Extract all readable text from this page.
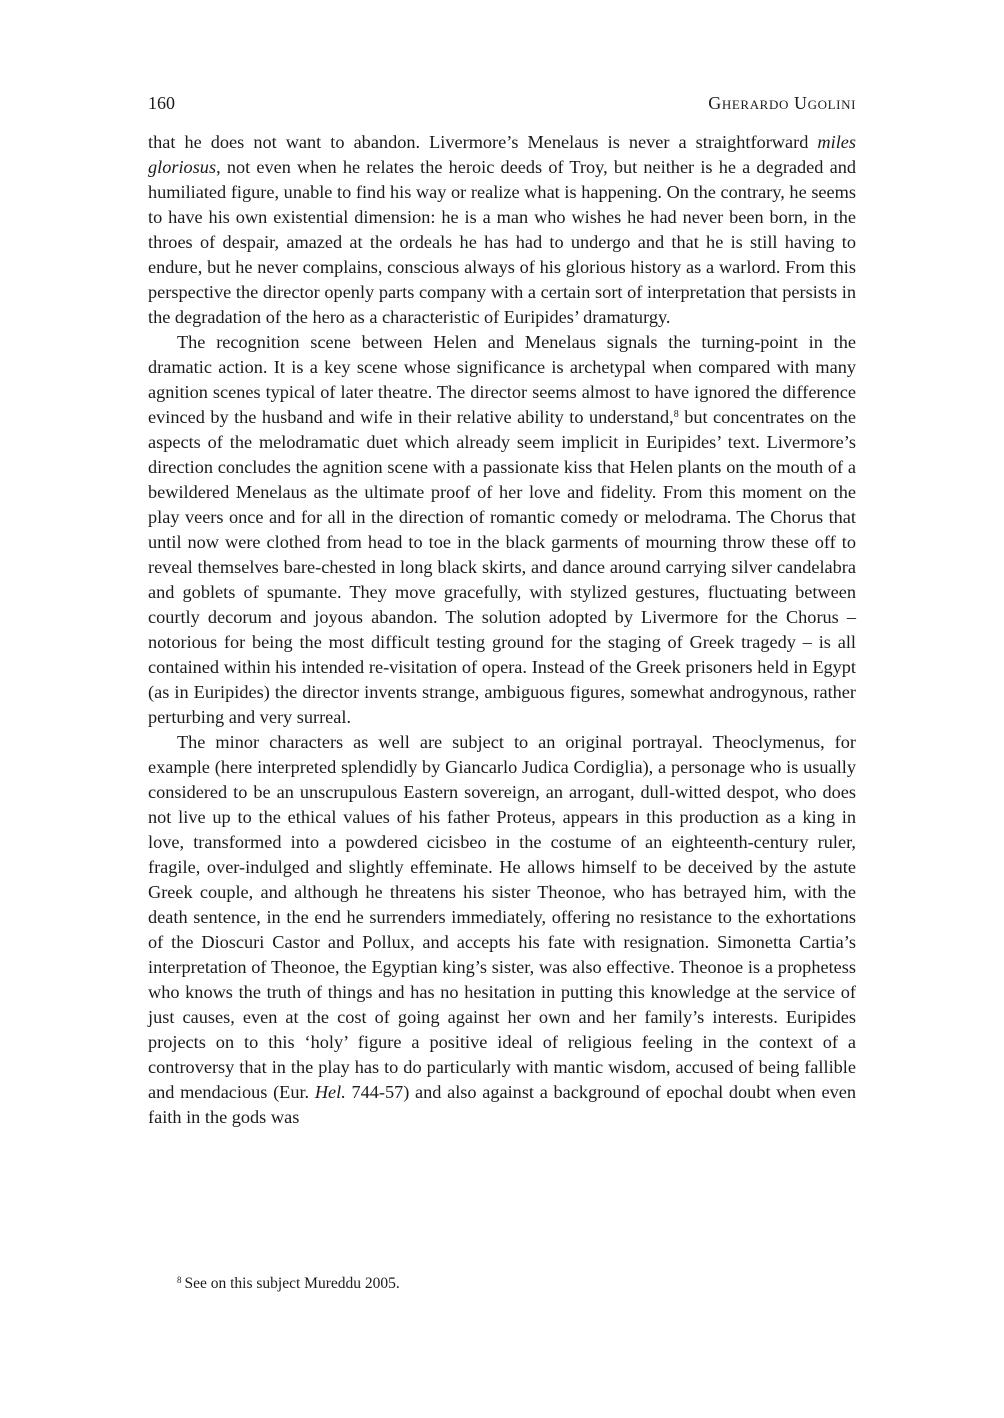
160	Gherardo Ugolini

that he does not want to abandon. Livermore’s Menelaus is never a straightforward miles gloriosus, not even when he relates the heroic deeds of Troy, but neither is he a degraded and humiliated figure, unable to find his way or realize what is happening. On the contrary, he seems to have his own existential dimension: he is a man who wishes he had never been born, in the throes of despair, amazed at the ordeals he has had to undergo and that he is still having to endure, but he never complains, conscious always of his glorious history as a warlord. From this perspective the director openly parts company with a certain sort of interpretation that persists in the degradation of the hero as a characteristic of Euripides’ dramaturgy.

The recognition scene between Helen and Menelaus signals the turning-point in the dramatic action. It is a key scene whose significance is archetypal when compared with many agnition scenes typical of later theatre. The director seems almost to have ignored the difference evinced by the husband and wife in their relative ability to understand,$^8$ but concentrates on the aspects of the melodramatic duet which already seem implicit in Euripides’ text. Livermore’s direction concludes the agnition scene with a passionate kiss that Helen plants on the mouth of a bewildered Menelaus as the ultimate proof of her love and fidelity. From this moment on the play veers once and for all in the direction of romantic comedy or melodrama. The Chorus that until now were clothed from head to toe in the black garments of mourning throw these off to reveal themselves bare-chested in long black skirts, and dance around carrying silver candelabra and goblets of spumante. They move gracefully, with stylized gestures, fluctuating between courtly decorum and joyous abandon. The solution adopted by Livermore for the Chorus – notorious for being the most difficult testing ground for the staging of Greek tragedy – is all contained within his intended re-visitation of opera. Instead of the Greek prisoners held in Egypt (as in Euripides) the director invents strange, ambiguous figures, somewhat androgynous, rather perturbing and very surreal.

The minor characters as well are subject to an original portrayal. Theoclymenus, for example (here interpreted splendidly by Giancarlo Judica Cordiglia), a personage who is usually considered to be an unscrupulous Eastern sovereign, an arrogant, dull-witted despot, who does not live up to the ethical values of his father Proteus, appears in this production as a king in love, transformed into a powdered cicisbeo in the costume of an eighteenth-century ruler, fragile, over-indulged and slightly effeminate. He allows himself to be deceived by the astute Greek couple, and although he threatens his sister Theonoe, who has betrayed him, with the death sentence, in the end he surrenders immediately, offering no resistance to the exhortations of the Dioscuri Castor and Pollux, and accepts his fate with resignation. Simonetta Cartia’s interpretation of Theonoe, the Egyptian king’s sister, was also effective. Theonoe is a prophetess who knows the truth of things and has no hesitation in putting this knowledge at the service of just causes, even at the cost of going against her own and her family’s interests. Euripides projects on to this ‘holy’ figure a positive ideal of religious feeling in the context of a controversy that in the play has to do particularly with mantic wisdom, accused of being fallible and mendacious (Eur. Hel. 744-57) and also against a background of epochal doubt when even faith in the gods was

$^8$ See on this subject Mureddu 2005.
